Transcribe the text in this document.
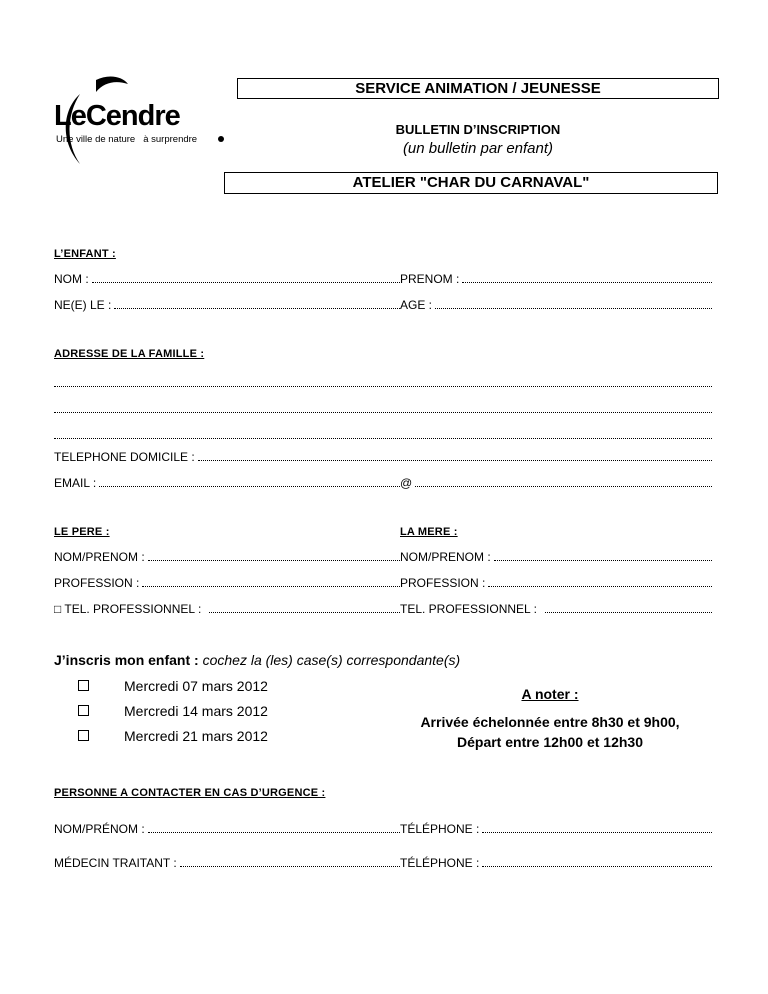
LeCendre
Une ville de nature à surprendre
SERVICE ANIMATION / JEUNESSE
BULLETIN D’INSCRIPTION
(un bulletin par enfant)
ATELIER "CHAR DU CARNAVAL"
L’ENFANT :
NOM :	PRENOM :
NE(E) LE :	AGE :
ADRESSE DE LA FAMILLE :
TELEPHONE DOMICILE :
EMAIL :	@
LE PERE :	LA MERE :
NOM/PRENOM :	NOM/PRENOM :
PROFESSION :	PROFESSION :
□ TEL. PROFESSIONNEL :	TEL. PROFESSIONNEL :
J’inscris mon enfant : cochez la (les) case(s) correspondante(s)
Mercredi 07 mars 2012
Mercredi 14 mars 2012
Mercredi 21 mars 2012
A noter :
Arrivée échelonnée entre 8h30 et 9h00,
Départ entre 12h00 et 12h30
PERSONNE A CONTACTER EN CAS D’URGENCE :
NOM/PRÉNOM :	TÉLÉPHONE :
MÉDECIN TRAITANT :	TÉLÉPHONE :
